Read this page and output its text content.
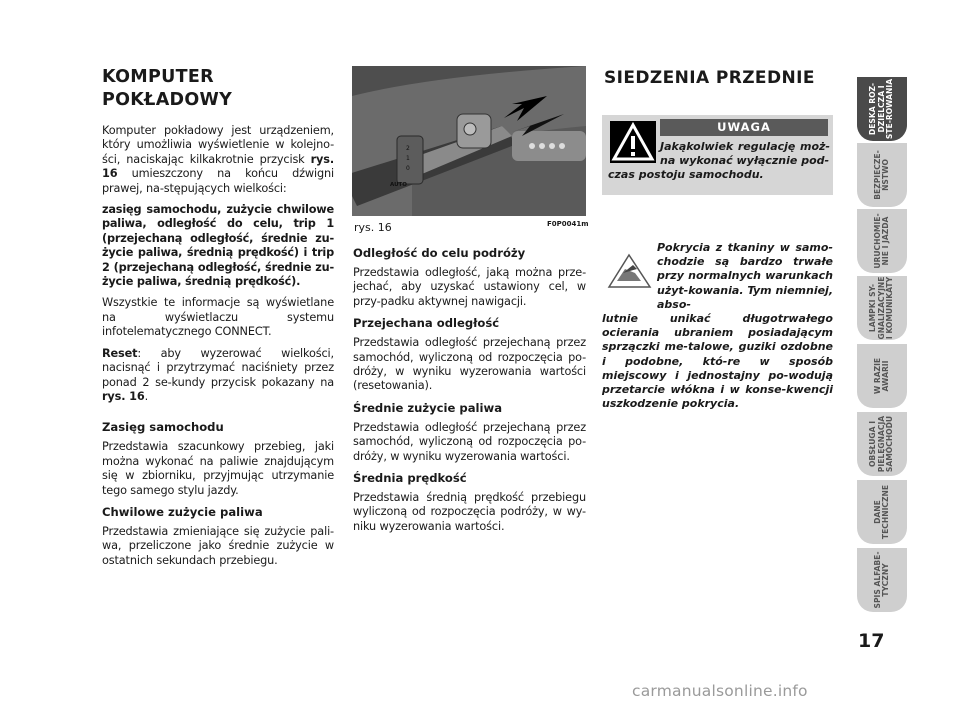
KOMPUTER
POKŁADOWY

Komputer pokładowy jest urządzeniem, który umożliwia wyświetlenie w kolejno-ści, naciskając kilkakrotnie przycisk rys. 16 umieszczony na końcu dźwigni prawej, na-stępujących wielkości:

zasięg samochodu, zużycie chwilowe paliwa, odległość do celu, trip 1 (przejechaną odległość, średnie zu-życie paliwa, średnią prędkość) i trip 2 (przejechaną odległość, średnie zu-życie paliwa, średnią prędkość).

Wszystkie te informacje są wyświetlane na wyświetlaczu systemu infotelematycznego CONNECT.

Reset: aby wyzerować wielkości, nacisnąć i przytrzymać naciśniety przez ponad 2 se-kundy przycisk pokazany na rys. 16.

Zasięg samochodu

Przedstawia szacunkowy przebieg, jaki można wykonać na paliwie znajdującym się w zbiorniku, przyjmując utrzymanie tego samego stylu jazdy.

Chwilowe zużycie paliwa

Przedstawia zmieniające się zużycie pali-wa, przeliczone jako średnie zużycie w ostatnich sekundach przebiegu.

2
1
0
AUTO
rys. 16	F0P0041m
Odległość do celu podróży

Przedstawia odległość, jaką można prze-jechać, aby uzyskać ustawiony cel, w przy-padku aktywnej nawigacji.

Przejechana odległość

Przedstawia odległość przejechaną przez samochód, wyliczoną od rozpoczęcia po-dróży, w wyniku wyzerowania wartości (resetowania).

Średnie zużycie paliwa

Przedstawia odległość przejechaną przez samochód, wyliczoną od rozpoczęcia po-dróży, w wyniku wyzerowania wartości.

Średnia prędkość

Przedstawia średnią prędkość przebiegu wyliczoną od rozpoczęcia podróży, w wy-niku wyzerowania wartości.

SIEDZENIA PRZEDNIE
UWAGA
Jakąkolwiek regulację moż-na wykonać wyłącznie pod-
czas postoju samochodu.
Pokrycia z tkaniny w samo-chodzie są bardzo trwałe przy normalnych warunkach użyt-kowania. Tym niemniej, abso-
lutnie unikać długotrwałego ocierania ubraniem posiadającym sprzączki me-talowe, guziki ozdobne i podobne, któ-re w sposób miejscowy i jednostajny po-wodują przetarcie włókna i w konse-kwencji uszkodzenie pokrycia.
DESKA ROZ-DZIELCZA I STE-ROWANIA
BEZPIECZE-ŃSTWO
URUCHOMIE-NIE I JAZDA
LAMPKI SY-GNALIZACYJNE I KOMUNIKATY
W RAZIE AWARII
OBSŁUGA I PIELĘGNACJA SAMOCHODU
DANE TECHNICZNE
SPIS ALFABE-TYCZNY
17
carmanualsonline.info
